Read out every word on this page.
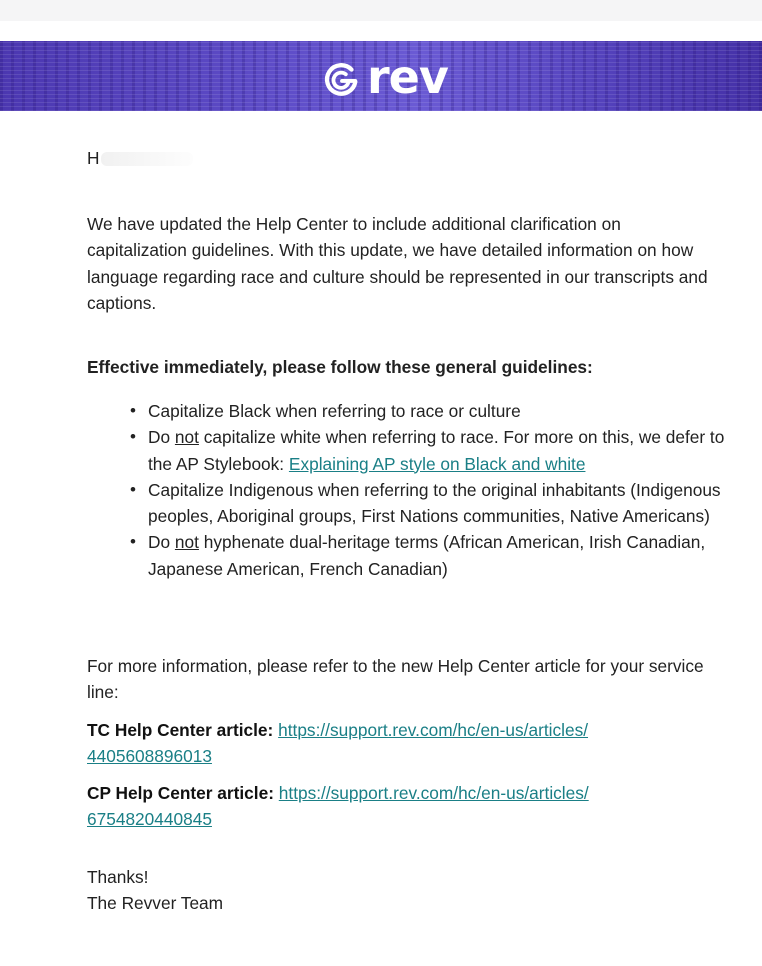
rev
H
We have updated the Help Center to include additional clarification on capitalization guidelines. With this update, we have detailed information on how language regarding race and culture should be represented in our transcripts and captions.
Effective immediately, please follow these general guidelines:
• Capitalize Black when referring to race or culture
• Do not capitalize white when referring to race. For more on this, we defer to the AP Stylebook: Explaining AP style on Black and white
• Capitalize Indigenous when referring to the original inhabitants (Indigenous peoples, Aboriginal groups, First Nations communities, Native Americans)
• Do not hyphenate dual-heritage terms (African American, Irish Canadian, Japanese American, French Canadian)
For more information, please refer to the new Help Center article for your service line:
TC Help Center article: https://support.rev.com/hc/en-us/articles/
4405608896013
CP Help Center article: https://support.rev.com/hc/en-us/articles/
6754820440845
Thanks!
The Revver Team
